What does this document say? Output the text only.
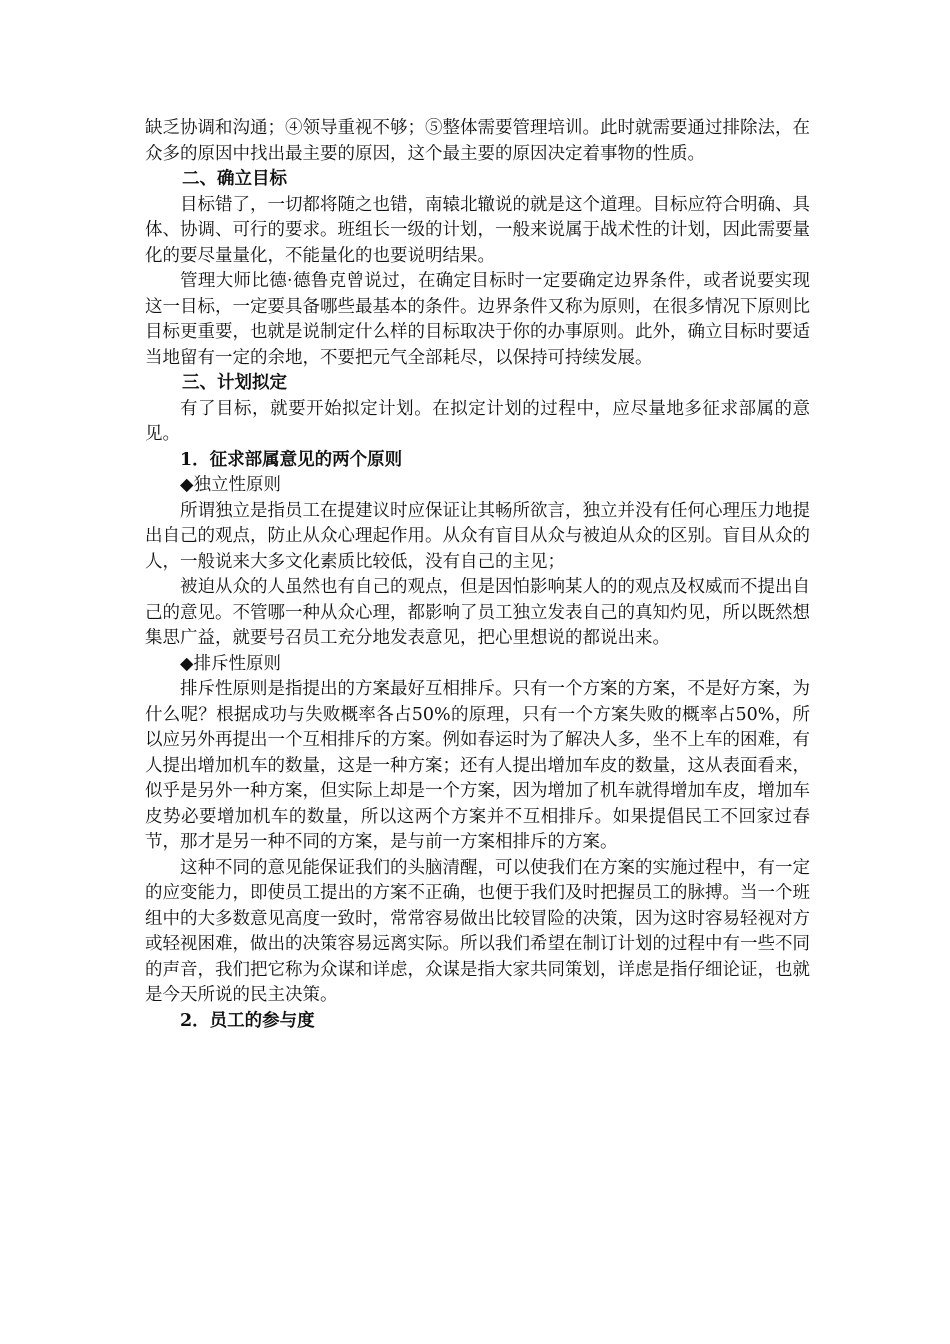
缺乏协调和沟通；④领导重视不够；⑤整体需要管理培训。此时就需要通过排除法，在众多的原因中找出最主要的原因，这个最主要的原因决定着事物的性质。

二、确立目标

目标错了，一切都将随之也错，南辕北辙说的就是这个道理。目标应符合明确、具体、协调、可行的要求。班组长一级的计划，一般来说属于战术性的计划，因此需要量化的要尽量量化，不能量化的也要说明结果。

管理大师比德·德鲁克曾说过，在确定目标时一定要确定边界条件，或者说要实现这一目标，一定要具备哪些最基本的条件。边界条件又称为原则，在很多情况下原则比目标更重要，也就是说制定什么样的目标取决于你的办事原则。此外，确立目标时要适当地留有一定的余地，不要把元气全部耗尽，以保持可持续发展。

三、计划拟定

有了目标，就要开始拟定计划。在拟定计划的过程中，应尽量地多征求部属的意见。

1．征求部属意见的两个原则

◆独立性原则

所谓独立是指员工在提建议时应保证让其畅所欲言，独立并没有任何心理压力地提出自己的观点，防止从众心理起作用。从众有盲目从众与被迫从众的区别。盲目从众的人，一般说来大多文化素质比较低，没有自己的主见；

被迫从众的人虽然也有自己的观点，但是因怕影响某人的的观点及权威而不提出自己的意见。不管哪一种从众心理，都影响了员工独立发表自己的真知灼见，所以既然想集思广益，就要号召员工充分地发表意见，把心里想说的都说出来。

◆排斥性原则

排斥性原则是指提出的方案最好互相排斥。只有一个方案的方案，不是好方案，为什么呢？根据成功与失败概率各占50%的原理，只有一个方案失败的概率占50%，所以应另外再提出一个互相排斥的方案。例如春运时为了解决人多，坐不上车的困难，有人提出增加机车的数量，这是一种方案；还有人提出增加车皮的数量，这从表面看来，似乎是另外一种方案，但实际上却是一个方案，因为增加了机车就得增加车皮，增加车皮势必要增加机车的数量，所以这两个方案并不互相排斥。如果提倡民工不回家过春节，那才是另一种不同的方案，是与前一方案相排斥的方案。

这种不同的意见能保证我们的头脑清醒，可以使我们在方案的实施过程中，有一定的应变能力，即使员工提出的方案不正确，也便于我们及时把握员工的脉搏。当一个班组中的大多数意见高度一致时，常常容易做出比较冒险的决策，因为这时容易轻视对方或轻视困难，做出的决策容易远离实际。所以我们希望在制订计划的过程中有一些不同的声音，我们把它称为众谋和详虑，众谋是指大家共同策划，详虑是指仔细论证，也就是今天所说的民主决策。

2．员工的参与度
